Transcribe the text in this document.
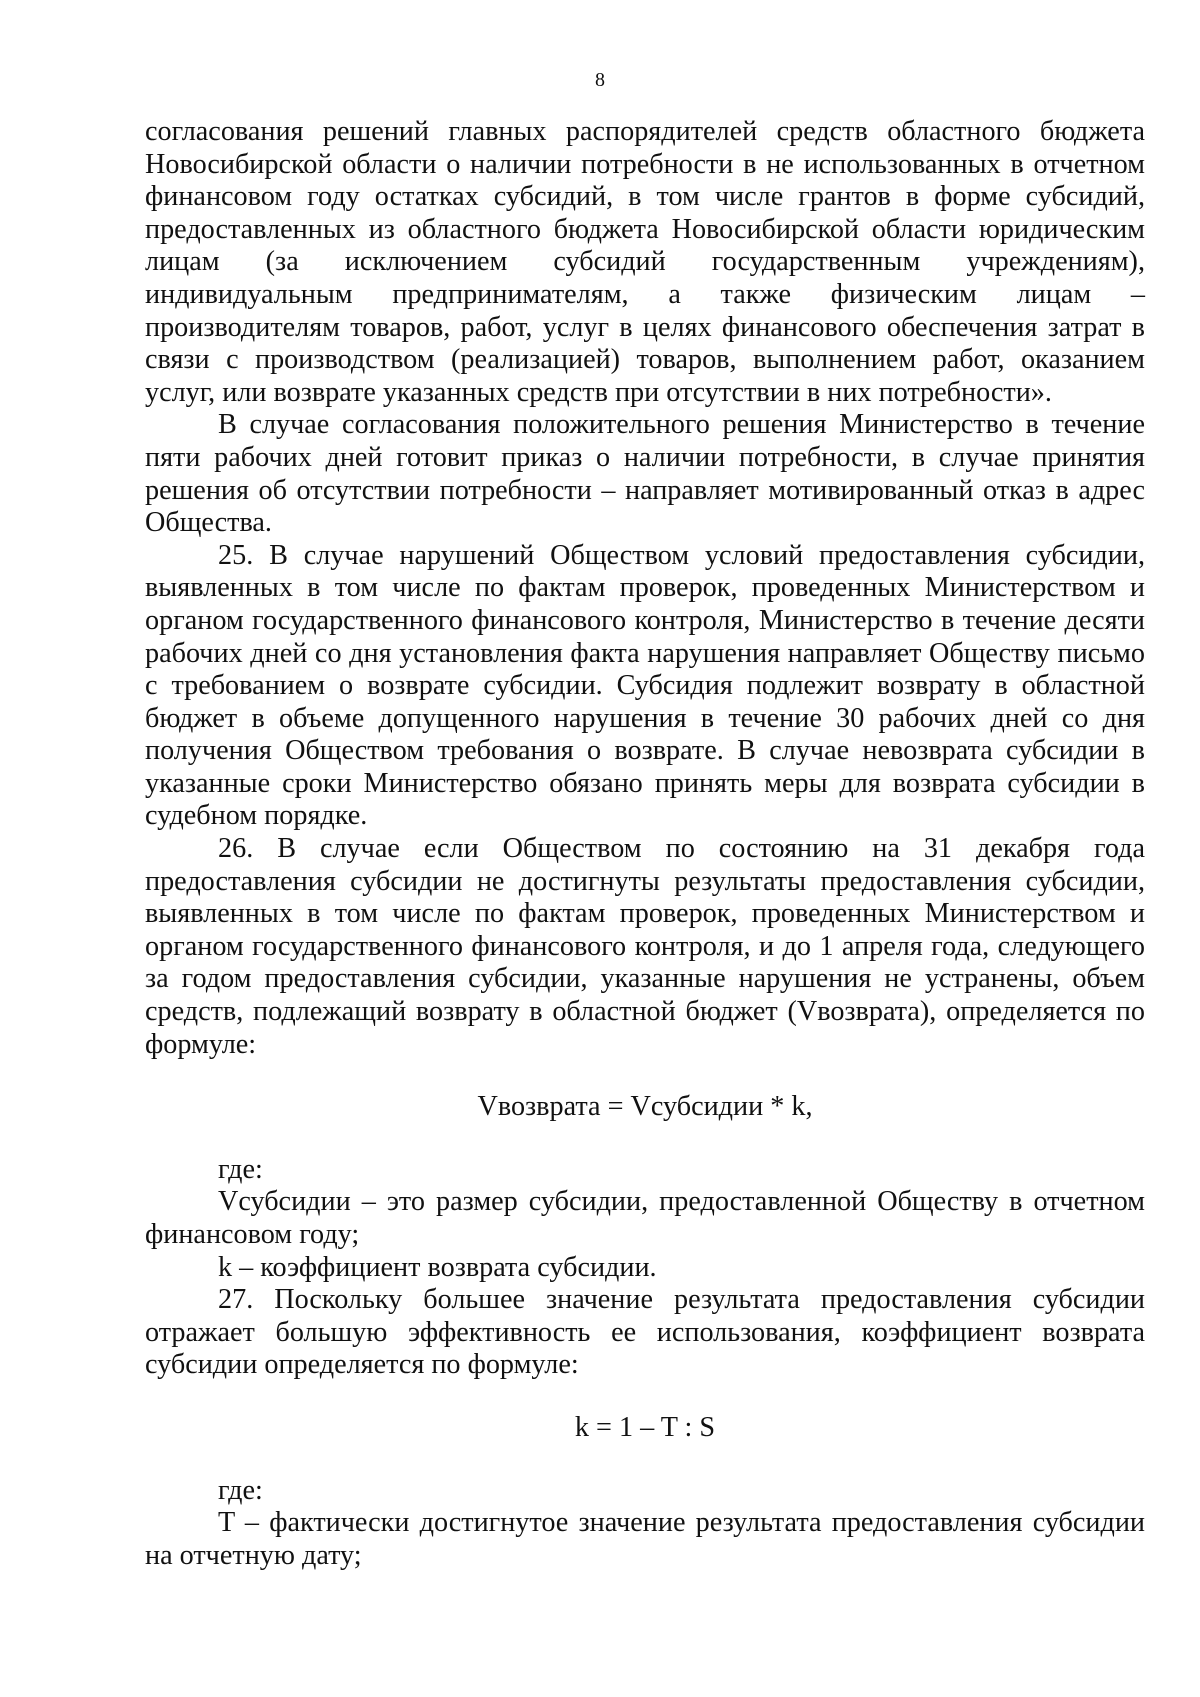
8

согласования решений главных распорядителей средств областного бюджета Новосибирской области о наличии потребности в не использованных в отчетном финансовом году остатках субсидий, в том числе грантов в форме субсидий, предоставленных из областного бюджета Новосибирской области юридическим лицам (за исключением субсидий государственным учреждениям), индивидуальным предпринимателям, а также физическим лицам – производителям товаров, работ, услуг в целях финансового обеспечения затрат в связи с производством (реализацией) товаров, выполнением работ, оказанием услуг, или возврате указанных средств при отсутствии в них потребности».

В случае согласования положительного решения Министерство в течение пяти рабочих дней готовит приказ о наличии потребности, в случае принятия решения об отсутствии потребности – направляет мотивированный отказ в адрес Общества.

25. В случае нарушений Обществом условий предоставления субсидии, выявленных в том числе по фактам проверок, проведенных Министерством и органом государственного финансового контроля, Министерство в течение десяти рабочих дней со дня установления факта нарушения направляет Обществу письмо с требованием о возврате субсидии. Субсидия подлежит возврату в областной бюджет в объеме допущенного нарушения в течение 30 рабочих дней со дня получения Обществом требования о возврате. В случае невозврата субсидии в указанные сроки Министерство обязано принять меры для возврата субсидии в судебном порядке.

26. В случае если Обществом по состоянию на 31 декабря года предоставления субсидии не достигнуты результаты предоставления субсидии, выявленных в том числе по фактам проверок, проведенных Министерством и органом государственного финансового контроля, и до 1 апреля года, следующего за годом предоставления субсидии, указанные нарушения не устранены, объем средств, подлежащий возврату в областной бюджет (Vвозврата), определяется по формуле:

Vвозврата = Vсубсидии * k,

где:

Vсубсидии – это размер субсидии, предоставленной Обществу в отчетном финансовом году;

k – коэффициент возврата субсидии.

27. Поскольку большее значение результата предоставления субсидии отражает большую эффективность ее использования, коэффициент возврата субсидии определяется по формуле:

k = 1 – T : S

где:

T – фактически достигнутое значение результата предоставления субсидии на отчетную дату;
